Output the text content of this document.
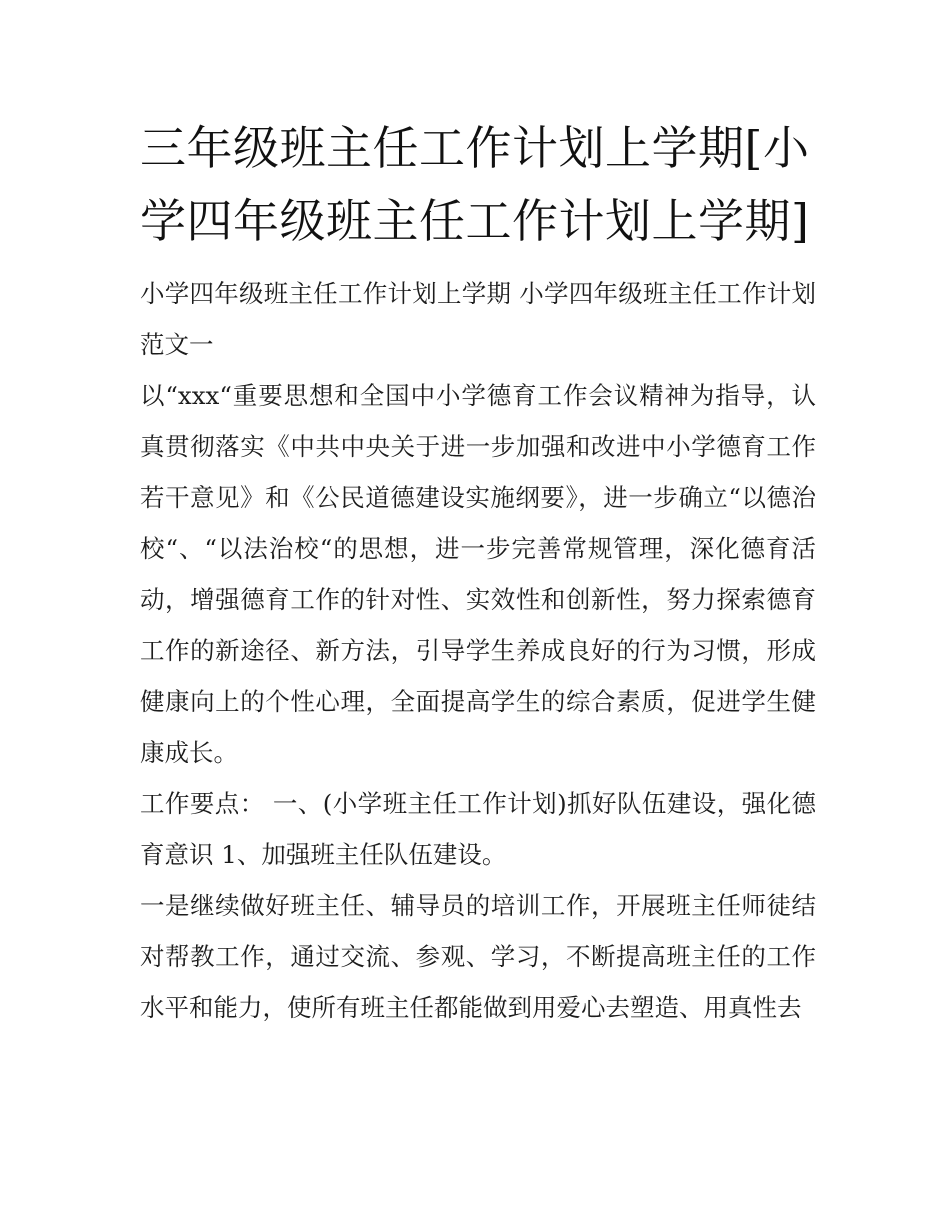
三年级班主任工作计划上学期[小学四年级班主任工作计划上学期]

小学四年级班主任工作计划上学期 小学四年级班主任工作计划范文一

以“xxx“重要思想和全国中小学德育工作会议精神为指导，认真贯彻落实《中共中央关于进一步加强和改进中小学德育工作若干意见》和《公民道德建设实施纲要》，进一步确立“以德治校“、“以法治校“的思想，进一步完善常规管理，深化德育活动，增强德育工作的针对性、实效性和创新性，努力探索德育工作的新途径、新方法，引导学生养成良好的行为习惯，形成健康向上的个性心理，全面提高学生的综合素质，促进学生健康成长。

工作要点： 一、(小学班主任工作计划)抓好队伍建设，强化德育意识 1、加强班主任队伍建设。

一是继续做好班主任、辅导员的培训工作，开展班主任师徒结对帮教工作，通过交流、参观、学习，不断提高班主任的工作水平和能力，使所有班主任都能做到用爱心去塑造、用真性去
